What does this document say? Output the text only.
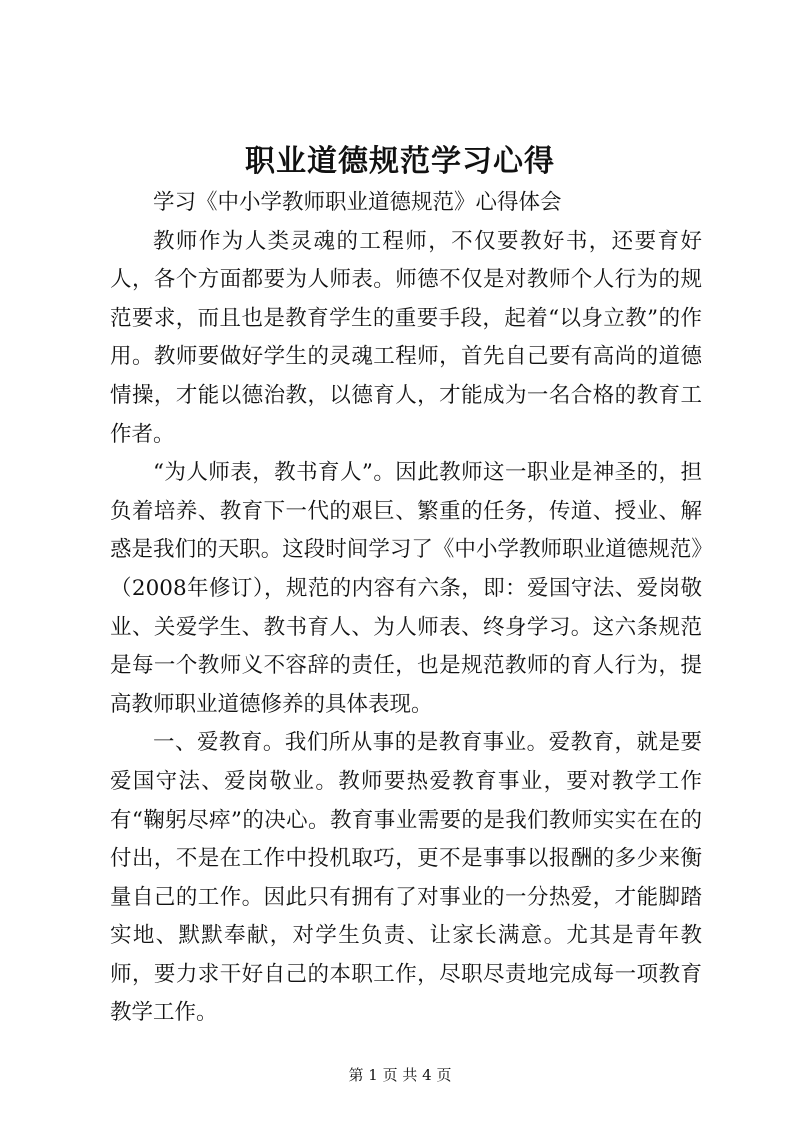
职业道德规范学习心得

学习《中小学教师职业道德规范》心得体会

教师作为人类灵魂的工程师，不仅要教好书，还要育好人，各个方面都要为人师表。师德不仅是对教师个人行为的规范要求，而且也是教育学生的重要手段，起着“以身立教”的作用。教师要做好学生的灵魂工程师，首先自己要有高尚的道德情操，才能以德治教，以德育人，才能成为一名合格的教育工作者。

“为人师表，教书育人”。因此教师这一职业是神圣的，担负着培养、教育下一代的艰巨、繁重的任务，传道、授业、解惑是我们的天职。这段时间学习了《中小学教师职业道德规范》（2008年修订），规范的内容有六条，即：爱国守法、爱岗敬业、关爱学生、教书育人、为人师表、终身学习。这六条规范是每一个教师义不容辞的责任，也是规范教师的育人行为，提高教师职业道德修养的具体表现。

一、爱教育。我们所从事的是教育事业。爱教育，就是要爱国守法、爱岗敬业。教师要热爱教育事业，要对教学工作有“鞠躬尽瘁”的决心。教育事业需要的是我们教师实实在在的付出，不是在工作中投机取巧，更不是事事以报酬的多少来衡量自己的工作。因此只有拥有了对事业的一分热爱，才能脚踏实地、默默奉献，对学生负责、让家长满意。尤其是青年教师，要力求干好自己的本职工作，尽职尽责地完成每一项教育教学工作。

第 1 页 共 4 页
